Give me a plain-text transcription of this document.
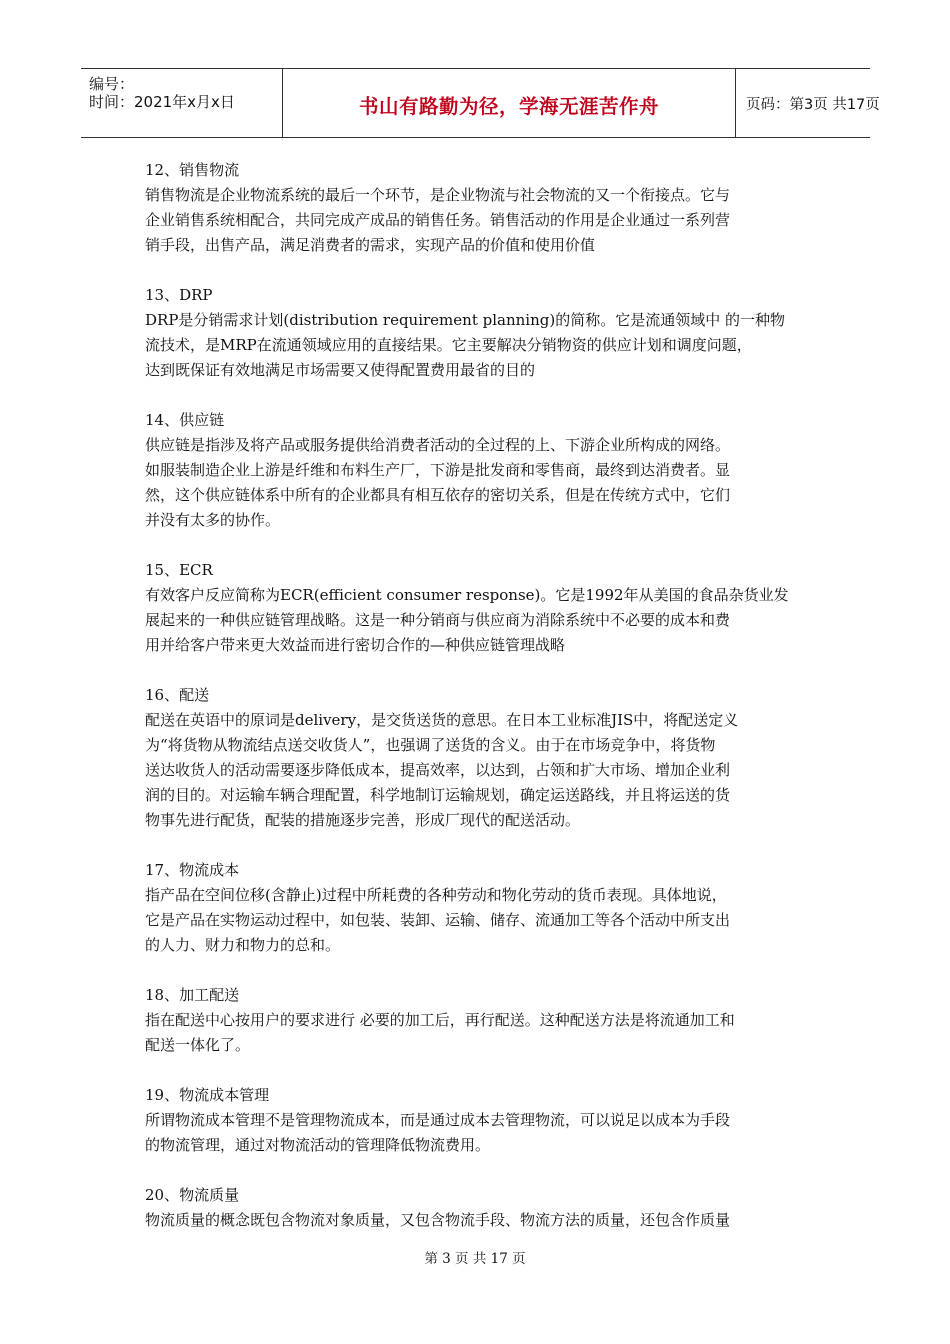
编号：
时间：2021年x月x日	书山有路勤为径，学海无涯苦作舟	页码：第3页 共17页
12、销售物流
销售物流是企业物流系统的最后一个环节，是企业物流与社会物流的又一个衔接点。它与
企业销售系统相配合，共同完成产成品的销售任务。销售活动的作用是企业通过一系列营
销手段，出售产品，满足消费者的需求，实现产品的价值和使用价值
13、DRP
DRP是分销需求计划(distribution requirement planning)的简称。它是流通领域中 的一种物
流技术，是MRP在流通领域应用的直接结果。它主要解决分销物资的供应计划和调度问题，
达到既保证有效地满足市场需要又使得配置费用最省的目的
14、供应链
供应链是指涉及将产品或服务提供给消费者活动的全过程的上、下游企业所构成的网络。
如服装制造企业上游是纤维和布料生产厂，下游是批发商和零售商，最终到达消费者。显
然，这个供应链体系中所有的企业都具有相互依存的密切关系，但是在传统方式中，它们
并没有太多的协作。
15、ECR
有效客户反应简称为ECR(efficient consumer response)。它是1992年从美国的食品杂货业发
展起来的一种供应链管理战略。这是一种分销商与供应商为消除系统中不必要的成本和费
用并给客户带来更大效益而进行密切合作的—种供应链管理战略
16、配送
配送在英语中的原词是delivery，是交货送货的意思。在日本工业标准JIS中，将配送定义
为“将货物从物流结点送交收货人”，也强调了送货的含义。由于在市场竞争中，将货物
送达收货人的活动需要逐步降低成本，提高效率，以达到，占领和扩大市场、增加企业利
润的目的。对运输车辆合理配置，科学地制订运输规划，确定运送路线，并且将运送的货
物事先进行配货，配装的措施逐步完善，形成厂现代的配送活动。
17、物流成本
指产品在空间位移(含静止)过程中所耗费的各种劳动和物化劳动的货币表现。具体地说，
它是产品在实物运动过程中，如包装、装卸、运输、储存、流通加工等各个活动中所支出
的人力、财力和物力的总和。
18、加工配送
指在配送中心按用户的要求进行 必要的加工后，再行配送。这种配送方法是将流通加工和
配送一体化了。
19、物流成本管理
所谓物流成本管理不是管理物流成本，而是通过成本去管理物流，可以说足以成本为手段
的物流管理，通过对物流活动的管理降低物流费用。
20、物流质量
物流质量的概念既包含物流对象质量，又包含物流手段、物流方法的质量，还包含作质量
第 3 页 共 17 页
